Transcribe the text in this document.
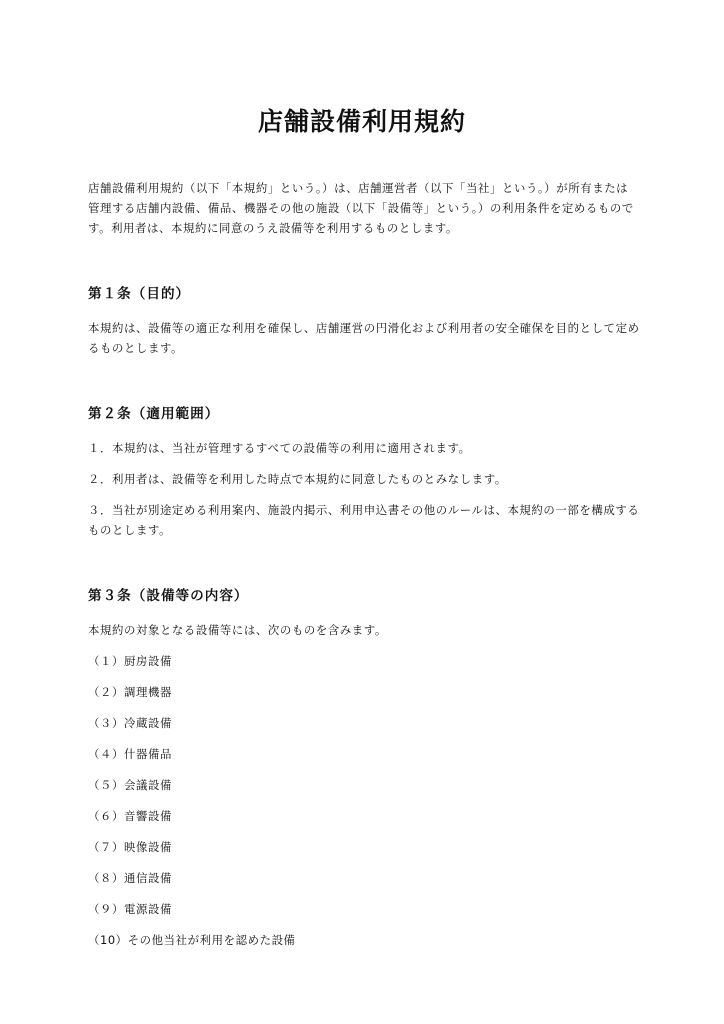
店舗設備利用規約

店舗設備利用規約（以下「本規約」という。）は、店舗運営者（以下「当社」という。）が所有または管理する店舗内設備、備品、機器その他の施設（以下「設備等」という。）の利用条件を定めるものです。利用者は、本規約に同意のうえ設備等を利用するものとします。

第１条（目的）

本規約は、設備等の適正な利用を確保し、店舗運営の円滑化および利用者の安全確保を目的として定めるものとします。

第２条（適用範囲）

１．本規約は、当社が管理するすべての設備等の利用に適用されます。

２．利用者は、設備等を利用した時点で本規約に同意したものとみなします。

３．当社が別途定める利用案内、施設内掲示、利用申込書その他のルールは、本規約の一部を構成するものとします。

第３条（設備等の内容）

本規約の対象となる設備等には、次のものを含みます。

（１）厨房設備
（２）調理機器
（３）冷蔵設備
（４）什器備品
（５）会議設備
（６）音響設備
（７）映像設備
（８）通信設備
（９）電源設備
（10）その他当社が利用を認めた設備
